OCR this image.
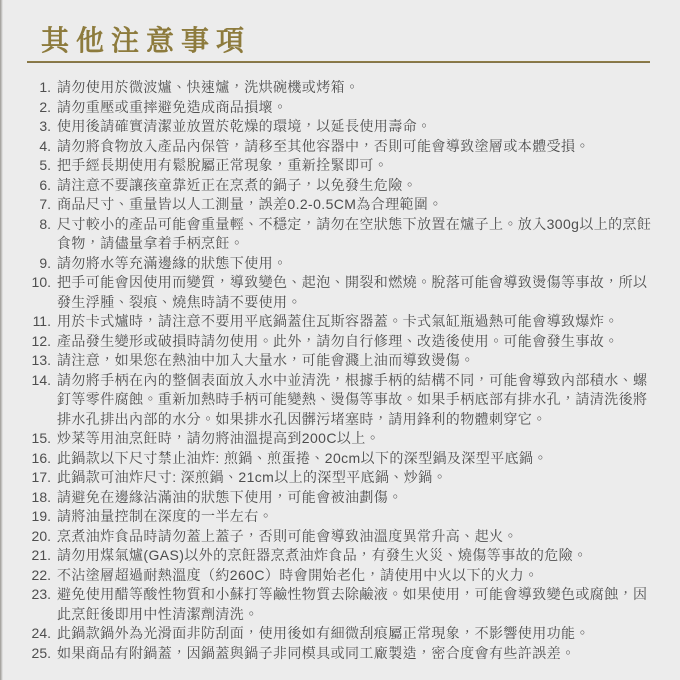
其他注意事項
1. 請勿使用於微波爐、快速爐，洗烘碗機或烤箱。
2. 請勿重壓或重摔避免造成商品損壞。
3. 使用後請確實清潔並放置於乾燥的環境，以延長使用壽命。
4. 請勿將食物放入產品內保管，請移至其他容器中，否則可能會導致塗層或本體受損。
5. 把手經長期使用有鬆脫屬正常現象，重新拴緊即可。
6. 請注意不要讓孩童靠近正在烹煮的鍋子，以免發生危險。
7. 商品尺寸、重量皆以人工測量，誤差0.2-0.5CM為合理範圍。
8. 尺寸較小的產品可能會重量輕、不穩定，請勿在空狀態下放置在爐子上。放入300g以上的烹飪食物，請儘量拿着手柄烹飪。
9. 請勿將水等充滿邊緣的狀態下使用。
10. 把手可能會因使用而變質，導致變色、起泡、開裂和燃燒。脫落可能會導致燙傷等事故，所以發生浮腫、裂痕、燒焦時請不要使用。
11. 用於卡式爐時，請注意不要用平底鍋蓋住瓦斯容器蓋。卡式氣缸瓶過熱可能會導致爆炸。
12. 產品發生變形或破損時請勿使用。此外，請勿自行修理、改造後使用。可能會發生事故。
13. 請注意，如果您在熱油中加入大量水，可能會濺上油而導致燙傷。
14. 請勿將手柄在內的整個表面放入水中並清洗，根據手柄的結構不同，可能會導致內部積水、螺釘等零件腐蝕。重新加熱時手柄可能變熱、燙傷等事故。如果手柄底部有排水孔，請清洗後將排水孔排出內部的水分。如果排水孔因髒污堵塞時，請用鋒利的物體刺穿它。
15. 炒菜等用油烹飪時，請勿將油溫提高到200C以上。
16. 此鍋款以下尺寸禁止油炸: 煎鍋、煎蛋捲、20cm以下的深型鍋及深型平底鍋。
17. 此鍋款可油炸尺寸: 深煎鍋、21cm以上的深型平底鍋、炒鍋。
18. 請避免在邊緣沾滿油的狀態下使用，可能會被油劃傷。
19. 請將油量控制在深度的一半左右。
20. 烹煮油炸食品時請勿蓋上蓋子，否則可能會導致油溫度異常升高、起火。
21. 請勿用煤氣爐(GAS)以外的烹飪器烹煮油炸食品，有發生火災、燒傷等事故的危險。
22. 不沾塗層超過耐熱溫度（約260C）時會開始老化，請使用中火以下的火力。
23. 避免使用醋等酸性物質和小蘇打等鹼性物質去除鹼液。如果使用，可能會導致變色或腐蝕，因此烹飪後即用中性清潔劑清洗。
24. 此鍋款鍋外為光滑面非防刮面，使用後如有細微刮痕屬正常現象，不影響使用功能。
25. 如果商品有附鍋蓋，因鍋蓋與鍋子非同模具或同工廠製造，密合度會有些許誤差。
